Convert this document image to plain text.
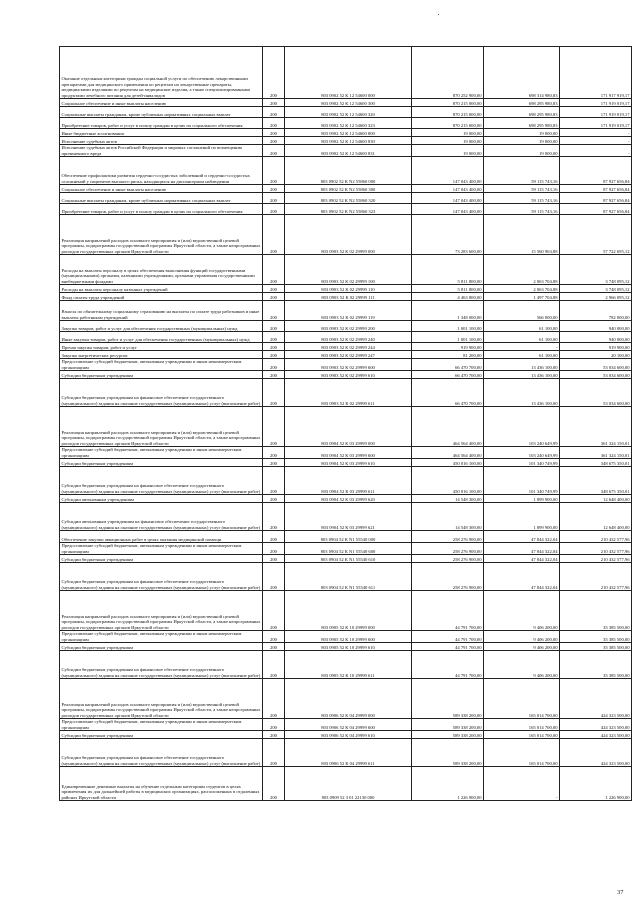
Оказание отдельным категориям граждан социальной услуги по обеспечению лекарственными препаратами для медицинского применения по рецептам на лекарственные препараты, медицинскими изделиями по рецептам на медицинские изделия, а также специализированными продуктами лечебного питания для детей-инвалидов	200	803 0902 52 К 12 54600 000	870 252 900,00	698 314 980,83	171 917 919,17
Социальное обеспечение и иные выплаты населению	200	803 0902 52 К 12 54600 300	870 215 000,00	698 295 980,83	171 919 019,17
Социальные выплаты гражданам, кроме публичных нормативных социальных выплат	200	803 0902 52 К 12 54600 320	870 215 000,00	698 295 980,83	171 919 019,17
Приобретение товаров, работ и услуг в пользу граждан в целях их социального обеспечения	200	803 0902 52 К 12 54600 323	870 215 000,00	698 295 980,83	171 919 019,17
Иные бюджетные ассигнования	200	803 0902 52 К 12 54600 800	19 000,00	19 000,00	-
Исполнение судебных актов	200	803 0902 52 К 12 54600 830	19 000,00	19 000,00	-
Исполнение судебных актов Российской Федерации и мировых соглашений по возмещению причиненного вреда	200	803 0902 52 К 12 54600 831	19 000,00	19 000,00	-
Обеспечение профилактики развития сердечно-сосудистых заболеваний и сердечно-сосудистых осложнений у пациентов высокого риска, находящихся на диспансерном наблюдении	200	803 0902 52 К N2 55860 000	147 043 400,00	59 115 743,16	87 927 656,84
Социальное обеспечение и иные выплаты населению	200	803 0902 52 К N2 55860 300	147 043 400,00	59 115 743,16	87 927 656,84
Социальные выплаты гражданам, кроме публичных нормативных социальных выплат	200	803 0902 52 К N2 55860 320	147 043 400,00	59 115 743,16	87 927 656,84
Приобретение товаров, работ и услуг в пользу граждан в целях их социального обеспечения	200	803 0902 52 К N2 55860 323	147 043 400,00	59 115 743,16	87 927 656,84
Реализация направлений расходов основного мероприятия и (или) ведомственной целевой программы, подпрограммы государственной программы Иркутской области, а также непрограммных расходов государственных органов Иркутской области	200	803 0903 52 К 02 29999 000	73 283 600,00	15 560 904,88	57 722 695,12
Расходы на выплаты персоналу в целях обеспечения выполнения функций государственными (муниципальными) органами, казенными учреждениями, органами управления государственными внебюджетными фондами	200	803 0903 52 К 02 29999 100	5 811 800,00	2 063 704,88	3 748 095,12
Расходы на выплаты персоналу казенных учреждений	200	803 0903 52 К 02 29999 110	5 811 800,00	2 063 704,88	3 748 095,12
Фонд оплаты труда учреждений	200	803 0903 52 К 02 29999 111	4 463 800,00	1 497 704,88	2 966 095,12
Взносы по обязательному социальному страхованию на выплаты по оплате труда работников и иные выплаты работникам учреждений	200	803 0903 52 К 02 29999 119	1 348 000,00	566 000,00	782 000,00
Закупка товаров, работ и услуг для обеспечения государственных (муниципальных) нужд	200	803 0903 52 К 02 29999 200	1 001 100,00	61 100,00	940 000,00
Иные закупки товаров, работ и услуг для обеспечения государственных (муниципальных) нужд	200	803 0903 52 К 02 29999 240	1 001 100,00	61 100,00	940 000,00
Прочая закупка товаров, работ и услуг	200	803 0903 52 К 02 29999 244	919 900,00	-	919 900,00
Закупка энергетических ресурсов	200	803 0903 52 К 02 29999 247	81 200,00	61 100,00	20 100,00
Предоставление субсидий бюджетным, автономным учреждениям и иным некоммерческим организациям	200	803 0903 52 К 02 29999 600	66 470 700,00	13 436 100,00	53 034 600,00
Субсидии бюджетным учреждениям	200	803 0903 52 К 02 29999 610	66 470 700,00	13 436 100,00	53 034 600,00
Субсидии бюджетным учреждениям на финансовое обеспечение государственного (муниципального) задания на оказание государственных (муниципальных) услуг (выполнение работ)	200	803 0903 52 К 02 29999 611	66 470 700,00	13 436 100,00	53 034 600,00
Реализация направлений расходов основного мероприятия и (или) ведомственной целевой программы, подпрограммы государственной программы Иркутской области, а также непрограммных расходов государственных органов Иркутской области	200	803 0904 52 К 03 29999 000	464 564 400,00	103 240 649,99	361 324 150,01
Предоставление субсидий бюджетным, автономным учреждениям и иным некоммерческим организациям	200	803 0904 52 К 03 29999 600	464 564 400,00	103 240 649,99	361 324 150,01
Субсидии бюджетным учреждениям	200	803 0904 52 К 03 29999 610	450 016 100,00	101 340 749,99	348 675 350,01
Субсидии бюджетным учреждениям на финансовое обеспечение государственного (муниципального) задания на оказание государственных (муниципальных) услуг (выполнение работ)	200	803 0904 52 К 03 29999 611	450 016 100,00	101 340 749,99	348 675 350,01
Субсидии автономным учреждениям	200	803 0904 52 К 03 29999 620	14 548 300,00	1 899 900,00	12 648 400,00
Субсидии автономным учреждениям на финансовое обеспечение государственного (муниципального) задания на оказание государственных (муниципальных) услуг (выполнение работ)	200	803 0904 52 К 03 29999 621	14 548 300,00	1 899 900,00	12 648 400,00
Обеспечение закупки авиационных работ в целях оказания медицинской помощи	200	803 0904 52 К N1 55540 000	258 276 900,00	47 844 322,04	210 432 577,96
Предоставление субсидий бюджетным, автономным учреждениям и иным некоммерческим организациям	200	803 0904 52 К N1 55540 600	258 276 900,00	47 844 322,04	210 432 577,96
Субсидии бюджетным учреждениям	200	803 0904 52 К N1 55540 610	258 276 900,00	47 844 322,04	210 432 577,96
Субсидии бюджетным учреждениям на финансовое обеспечение государственного (муниципального) задания на оказание государственных (муниципальных) услуг (выполнение работ)	200	803 0904 52 К N1 55540 611	258 276 900,00	47 844 322,04	210 432 577,96
Реализация направлений расходов основного мероприятия и (или) ведомственной целевой программы, подпрограммы государственной программы Иркутской области, а также непрограммных расходов государственных органов Иркутской области	200	803 0905 52 К 10 29999 000	44 791 700,00	9 406 200,00	35 385 500,00
Предоставление субсидий бюджетным, автономным учреждениям и иным некоммерческим организациям	200	803 0905 52 К 10 29999 600	44 791 700,00	9 406 200,00	35 385 500,00
Субсидии бюджетным учреждениям	200	803 0905 52 К 10 29999 610	44 791 700,00	9 406 200,00	35 385 500,00
Субсидии бюджетным учреждениям на финансовое обеспечение государственного (муниципального) задания на оказание государственных (муниципальных) услуг (выполнение работ)	200	803 0905 52 К 10 29999 611	44 791 700,00	9 406 200,00	35 385 500,00
Реализация направлений расходов основного мероприятия и (или) ведомственной целевой программы, подпрограммы государственной программы Иркутской области, а также непрограммных расходов государственных органов Иркутской области	200	803 0906 52 К 04 29999 000	589 338 200,00	165 014 700,00	424 323 500,00
Предоставление субсидий бюджетным, автономным учреждениям и иным некоммерческим организациям	200	803 0906 52 К 04 29999 600	589 338 200,00	165 014 700,00	424 323 500,00
Субсидии бюджетным учреждениям	200	803 0906 52 К 04 29999 610	589 338 200,00	165 014 700,00	424 323 500,00
Субсидии бюджетным учреждениям на финансовое обеспечение государственного (муниципального) задания на оказание государственных (муниципальных) услуг (выполнение работ)	200	803 0906 52 К 04 29999 611	589 338 200,00	165 014 700,00	424 323 500,00
Единовременные денежные выплаты на обучение отдельным категориям студентов в целях привлечения их для дальнейшей работы в медицинских организациях, расположенных в отдаленных районах Иркутской области	200	803 0909 52 3 01 22130 000	1 226 900,00	-	1 226 900,00
37
